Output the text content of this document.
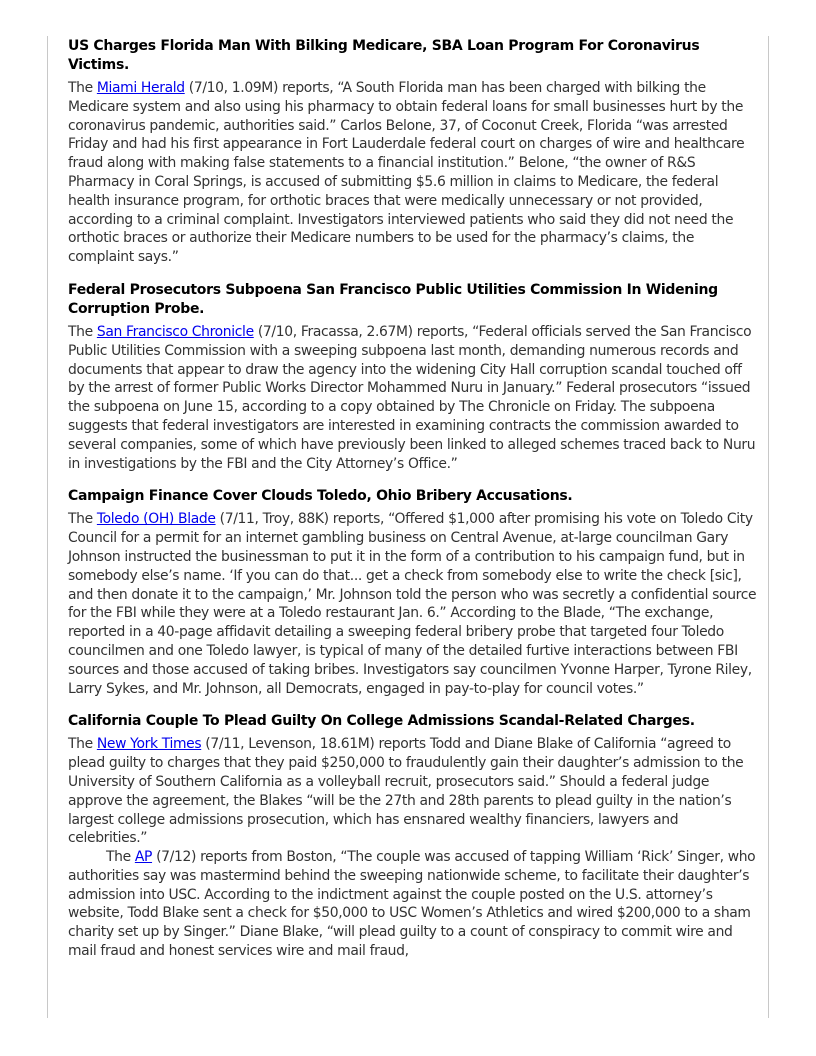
US Charges Florida Man With Bilking Medicare, SBA Loan Program For Coronavirus Victims.

The Miami Herald (7/10, 1.09M) reports, “A South Florida man has been charged with bilking the Medicare system and also using his pharmacy to obtain federal loans for small businesses hurt by the coronavirus pandemic, authorities said.” Carlos Belone, 37, of Coconut Creek, Florida “was arrested Friday and had his first appearance in Fort Lauderdale federal court on charges of wire and healthcare fraud along with making false statements to a financial institution.” Belone, “the owner of R&S Pharmacy in Coral Springs, is accused of submitting $5.6 million in claims to Medicare, the federal health insurance program, for orthotic braces that were medically unnecessary or not provided, according to a criminal complaint. Investigators interviewed patients who said they did not need the orthotic braces or authorize their Medicare numbers to be used for the pharmacy’s claims, the complaint says.”

Federal Prosecutors Subpoena San Francisco Public Utilities Commission In Widening Corruption Probe.

The San Francisco Chronicle (7/10, Fracassa, 2.67M) reports, “Federal officials served the San Francisco Public Utilities Commission with a sweeping subpoena last month, demanding numerous records and documents that appear to draw the agency into the widening City Hall corruption scandal touched off by the arrest of former Public Works Director Mohammed Nuru in January.” Federal prosecutors “issued the subpoena on June 15, according to a copy obtained by The Chronicle on Friday. The subpoena suggests that federal investigators are interested in examining contracts the commission awarded to several companies, some of which have previously been linked to alleged schemes traced back to Nuru in investigations by the FBI and the City Attorney’s Office.”

Campaign Finance Cover Clouds Toledo, Ohio Bribery Accusations.

The Toledo (OH) Blade (7/11, Troy, 88K) reports, “Offered $1,000 after promising his vote on Toledo City Council for a permit for an internet gambling business on Central Avenue, at-large councilman Gary Johnson instructed the businessman to put it in the form of a contribution to his campaign fund, but in somebody else’s name. ‘If you can do that... get a check from somebody else to write the check [sic], and then donate it to the campaign,’ Mr. Johnson told the person who was secretly a confidential source for the FBI while they were at a Toledo restaurant Jan. 6.” According to the Blade, “The exchange, reported in a 40-page affidavit detailing a sweeping federal bribery probe that targeted four Toledo councilmen and one Toledo lawyer, is typical of many of the detailed furtive interactions between FBI sources and those accused of taking bribes. Investigators say councilmen Yvonne Harper, Tyrone Riley, Larry Sykes, and Mr. Johnson, all Democrats, engaged in pay-to-play for council votes.”

California Couple To Plead Guilty On College Admissions Scandal-Related Charges.

The New York Times (7/11, Levenson, 18.61M) reports Todd and Diane Blake of California “agreed to plead guilty to charges that they paid $250,000 to fraudulently gain their daughter’s admission to the University of Southern California as a volleyball recruit, prosecutors said.” Should a federal judge approve the agreement, the Blakes “will be the 27th and 28th parents to plead guilty in the nation’s largest college admissions prosecution, which has ensnared wealthy financiers, lawyers and celebrities.”

The AP (7/12) reports from Boston, “The couple was accused of tapping William ‘Rick’ Singer, who authorities say was mastermind behind the sweeping nationwide scheme, to facilitate their daughter’s admission into USC. According to the indictment against the couple posted on the U.S. attorney’s website, Todd Blake sent a check for $50,000 to USC Women’s Athletics and wired $200,000 to a sham charity set up by Singer.” Diane Blake, “will plead guilty to a count of conspiracy to commit wire and mail fraud and honest services wire and mail fraud,
